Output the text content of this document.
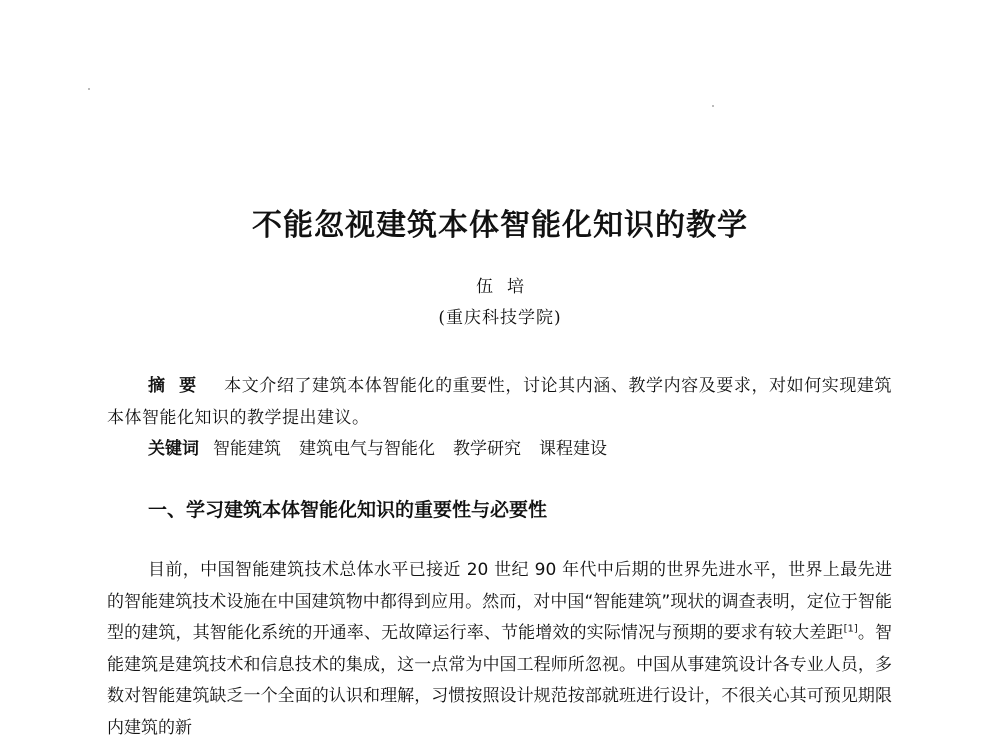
不能忽视建筑本体智能化知识的教学
伍培
(重庆科技学院)
摘要 本文介绍了建筑本体智能化的重要性，讨论其内涵、教学内容及要求，对如何实现建筑本体智能化知识的教学提出建议。
关键词 智能建筑 建筑电气与智能化 教学研究 课程建设
一、学习建筑本体智能化知识的重要性与必要性
目前，中国智能建筑技术总体水平已接近 20 世纪 90 年代中后期的世界先进水平，世界上最先进的智能建筑技术设施在中国建筑物中都得到应用。然而，对中国“智能建筑”现状的调查表明，定位于智能型的建筑，其智能化系统的开通率、无故障运行率、节能增效的实际情况与预期的要求有较大差距[1]。智能建筑是建筑技术和信息技术的集成，这一点常为中国工程师所忽视。中国从事建筑设计各专业人员，多数对智能建筑缺乏一个全面的认识和理解，习惯按照设计规范按部就班进行设计，不很关心其可预见期限内建筑的新
